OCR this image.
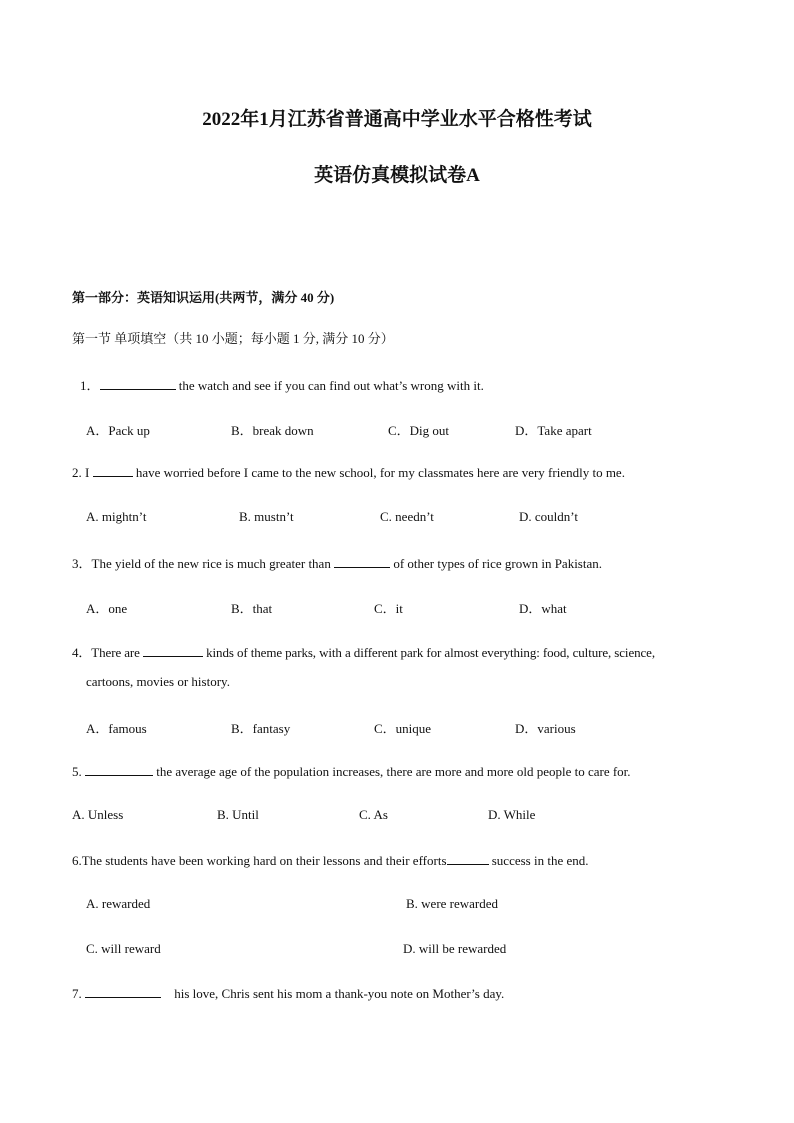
2022年1月江苏省普通高中学业水平合格性考试
英语仿真模拟试卷A
第一部分：英语知识运用(共两节，满分 40 分)
第一节 单项填空（共 10 小题；每小题 1 分, 满分 10 分）
1．	the watch and see if you can find out what’s wrong with it.
A．Pack up	B．break down	C．Dig out	D．Take apart
2. I	have worried before I came to the new school, for my classmates here are very friendly to me.
A. mightn’t	B. mustn’t	C. needn’t	D. couldn’t
3．The yield of the new rice is much greater than	of other types of rice grown in Pakistan.
A．one	B．that	C．it	D．what
4．There are	kinds of theme parks, with a different park for almost everything: food, culture, science,
cartoons, movies or history.
A．famous	B．fantasy	C．unique	D．various
5.	the average age of the population increases, there are more and more old people to care for.
A. Unless	B. Until	C. As	D. While
6.The students have been working hard on their lessons and their efforts	success in the end.
A. rewarded	B. were rewarded
C. will reward	D. will be rewarded
7.	his love, Chris sent his mom a thank-you note on Mother’s day.
